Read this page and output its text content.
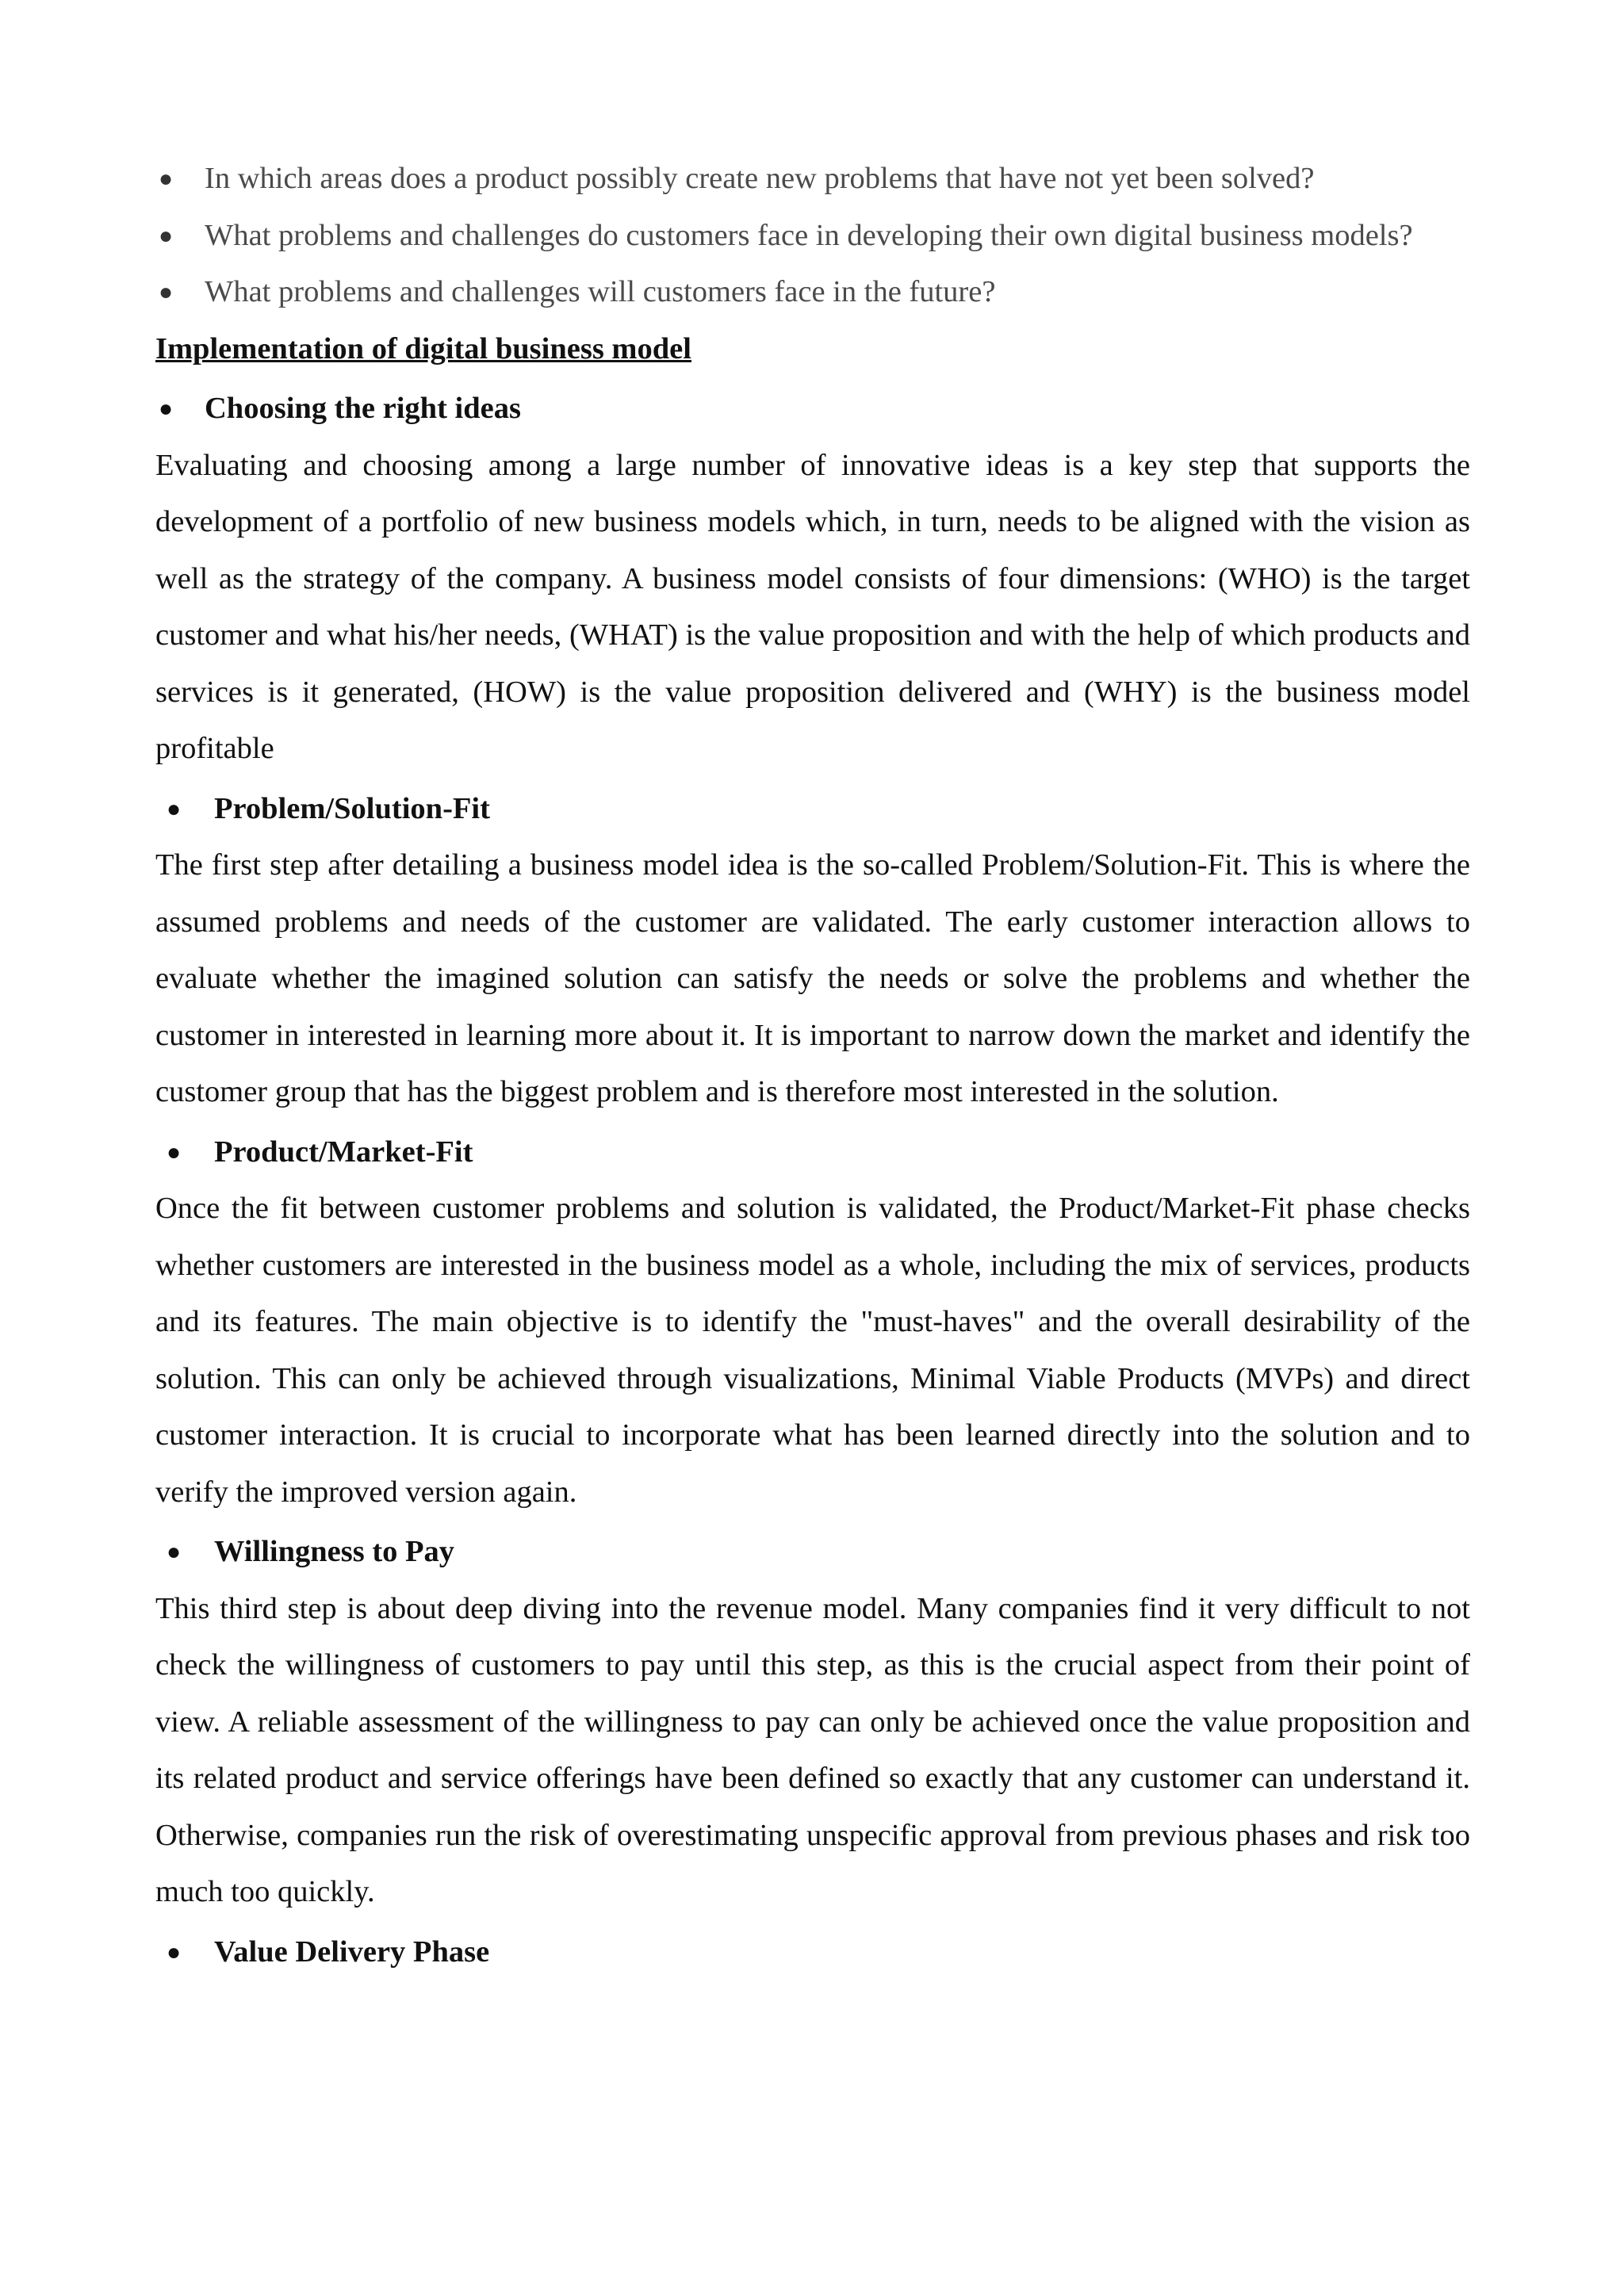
● In which areas does a product possibly create new problems that have not yet been solved?
● What problems and challenges do customers face in developing their own digital business models?
● What problems and challenges will customers face in the future?

Implementation of digital business model

● Choosing the right ideas

Evaluating and choosing among a large number of innovative ideas is a key step that supports the development of a portfolio of new business models which, in turn, needs to be aligned with the vision as well as the strategy of the company. A business model consists of four dimensions: (WHO) is the target customer and what his/her needs, (WHAT) is the value proposition and with the help of which products and services is it generated, (HOW) is the value proposition delivered and (WHY) is the business model profitable

● Problem/Solution-Fit

The first step after detailing a business model idea is the so-called Problem/Solution-Fit. This is where the assumed problems and needs of the customer are validated. The early customer interaction allows to evaluate whether the imagined solution can satisfy the needs or solve the problems and whether the customer in interested in learning more about it. It is important to narrow down the market and identify the customer group that has the biggest problem and is therefore most interested in the solution.

● Product/Market-Fit

Once the fit between customer problems and solution is validated, the Product/Market-Fit phase checks whether customers are interested in the business model as a whole, including the mix of services, products and its features. The main objective is to identify the "must-haves" and the overall desirability of the solution. This can only be achieved through visualizations, Minimal Viable Products (MVPs) and direct customer interaction. It is crucial to incorporate what has been learned directly into the solution and to verify the improved version again.

● Willingness to Pay

This third step is about deep diving into the revenue model. Many companies find it very difficult to not check the willingness of customers to pay until this step, as this is the crucial aspect from their point of view. A reliable assessment of the willingness to pay can only be achieved once the value proposition and its related product and service offerings have been defined so exactly that any customer can understand it. Otherwise, companies run the risk of overestimating unspecific approval from previous phases and risk too much too quickly.

● Value Delivery Phase
